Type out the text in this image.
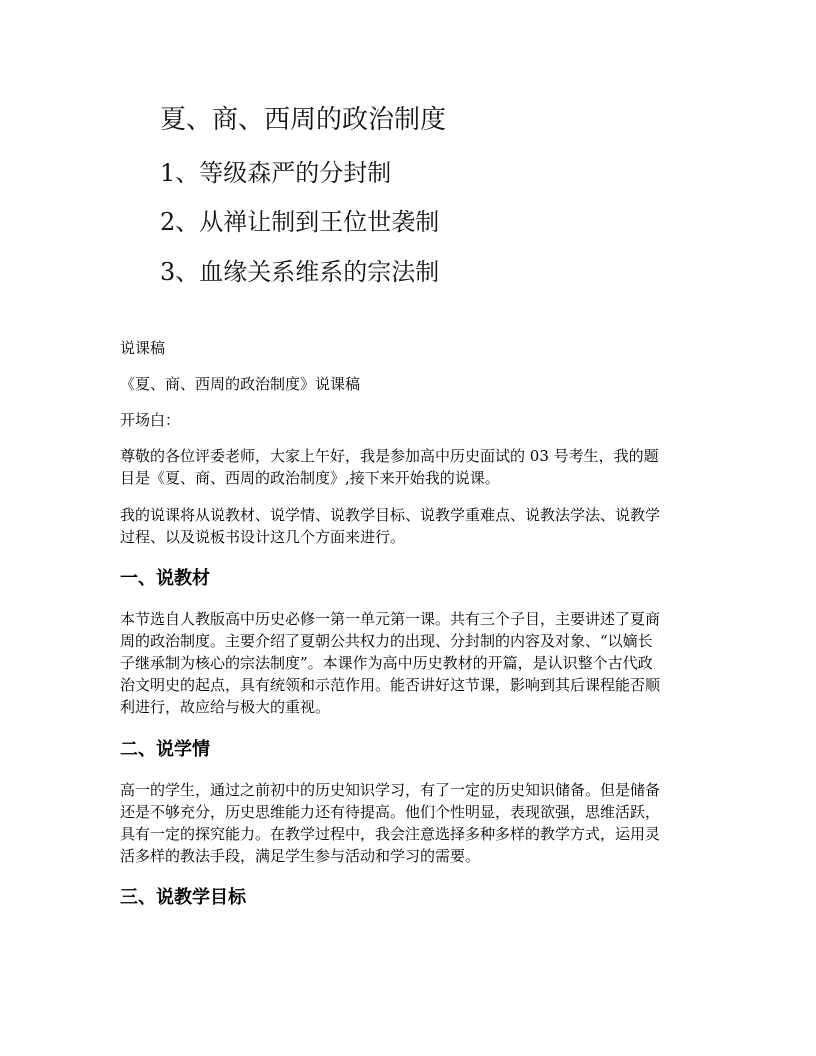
夏、商、西周的政治制度
1、等级森严的分封制
2、从禅让制到王位世袭制
3、血缘关系维系的宗法制

说课稿

《夏、商、西周的政治制度》说课稿

开场白：

尊敬的各位评委老师，大家上午好，我是参加高中历史面试的 03 号考生，我的题

目是《夏、商、西周的政治制度》,接下来开始我的说课。

我的说课将从说教材、说学情、说教学目标、说教学重难点、说教法学法、说教学

过程、以及说板书设计这几个方面来进行。

一、说教材

本节选自人教版高中历史必修一第一单元第一课。共有三个子目，主要讲述了夏商

周的政治制度。主要介绍了夏朝公共权力的出现、分封制的内容及对象、“以嫡长

子继承制为核心的宗法制度”。本课作为高中历史教材的开篇，是认识整个古代政

治文明史的起点，具有统领和示范作用。能否讲好这节课，影响到其后课程能否顺

利进行，故应给与极大的重视。

二、说学情

高一的学生，通过之前初中的历史知识学习，有了一定的历史知识储备。但是储备

还是不够充分，历史思维能力还有待提高。他们个性明显，表现欲强，思维活跃，

具有一定的探究能力。在教学过程中，我会注意选择多种多样的教学方式，运用灵

活多样的教法手段，满足学生参与活动和学习的需要。

三、说教学目标
